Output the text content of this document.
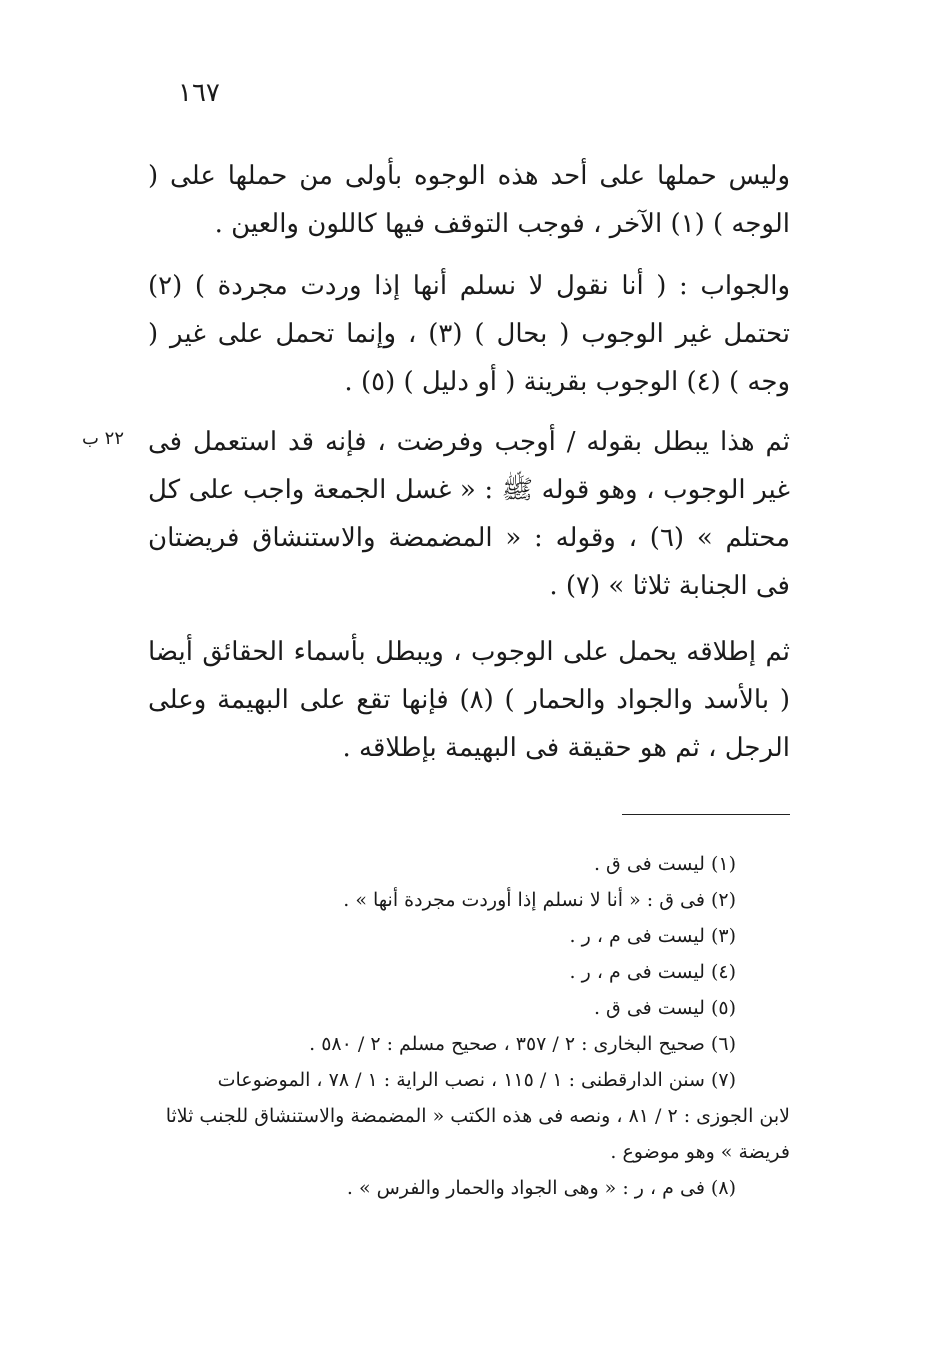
١٦٧
٢٢ ب

وليس حملها على أحد هذه الوجوه بأولى من حملها على ( الوجه ) (١) الآخر ، فوجب التوقف فيها كاللون والعين .

والجواب : ( أنا نقول لا نسلم أنها إذا وردت مجردة ) (٢) تحتمل غير الوجوب ( بحال ) (٣) ، وإنما تحمل على غير ( وجه ) (٤) الوجوب بقرينة ( أو دليل ) (٥) .

ثم هذا يبطل بقوله / أوجب وفرضت ، فإنه قد استعمل فى غير الوجوب ، وهو قوله ﷺ : « غسل الجمعة واجب على كل محتلم » (٦) ، وقوله : « المضمضة والاستنشاق فريضتان فى الجنابة ثلاثا » (٧) .

ثم إطلاقه يحمل على الوجوب ، ويبطل بأسماء الحقائق أيضا ( بالأسد والجواد والحمار ) (٨) فإنها تقع على البهيمة وعلى الرجل ، ثم هو حقيقة فى البهيمة بإطلاقه .

(١) ليست فى ق .

(٢) فى ق : « أنا لا نسلم إذا أوردت مجردة أنها » .

(٣) ليست فى م ، ر .

(٤) ليست فى م ، ر .

(٥) ليست فى ق .

(٦) صحيح البخارى : ٢ / ٣٥٧ ، صحيح مسلم : ٢ / ٥٨٠ .

(٧) سنن الدارقطنى : ١ / ١١٥ ، نصب الراية : ١ / ٧٨ ، الموضوعات

لابن الجوزى : ٢ / ٨١ ، ونصه فى هذه الكتب « المضمضة والاستنشاق للجنب ثلاثا

فريضة » وهو موضوع .

(٨) فى م ، ر : « وهى الجواد والحمار والفرس » .
